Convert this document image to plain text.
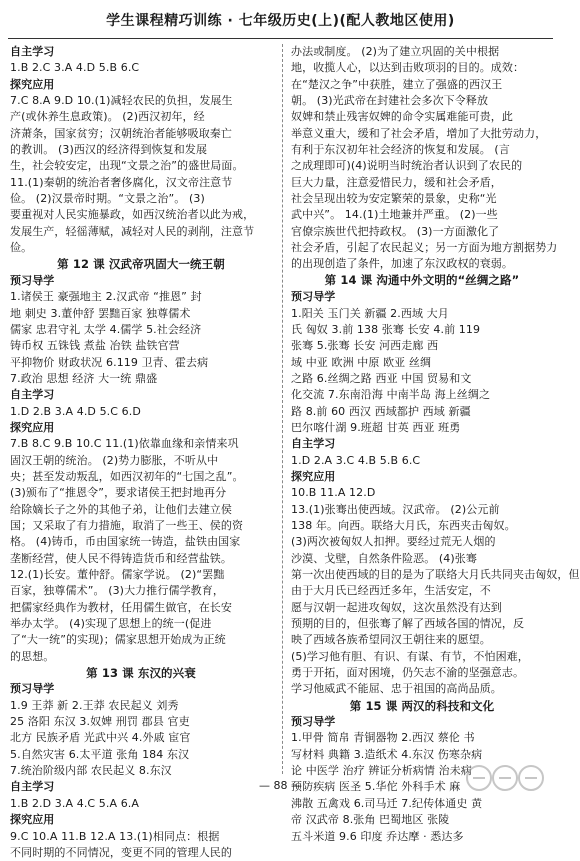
学生课程精巧训练 · 七年级历史(上)(配人教地区使用)
自主学习
1.B 2.C 3.A 4.D 5.B 6.C
探究应用
7.C 8.A 9.D 10.(1)减轻农民的负担，发展生
产(或休养生息政策)。 (2)西汉初年，经
济萧条，国家贫穷；汉朝统治者能够吸取秦亡
的教训。 (3)西汉的经济得到恢复和发展
生，社会较安定，出现“文景之治”的盛世局面。
11.(1)秦朝的统治者奢侈腐化，汉文帝注意节
俭。 (2)汉景帝时期。“文景之治”。 (3)
要重视对人民实施暴政，如西汉统治者以此为戒，
发展生产，轻徭薄赋，减轻对人民的剥削，注意节
俭。
第 12 课 汉武帝巩固大一统王朝
预习导学
1.诸侯王 豪强地主 2.汉武帝 “推恩” 封
地 刺史 3.董仲舒 罢黜百家 独尊儒术
儒家 忠君守礼 太学 4.儒学 5.社会经济
铸币权 五铢钱 煮盐 冶铁 盐铁官营
平抑物价 财政状况 6.119 卫青、霍去病
7.政治 思想 经济 大一统 鼎盛
自主学习
1.D 2.B 3.A 4.D 5.C 6.D
探究应用
7.B 8.C 9.B 10.C 11.(1)依靠血缘和亲情来巩
固汉王朝的统治。 (2)势力膨胀，不听从中
央；甚至发动叛乱，如西汉初年的“七国之乱”。
(3)颁布了“推恩令”，要求诸侯王把封地再分
给除嫡长子之外的其他子弟，让他们去建立侯
国；又采取了有力措施，取消了一些王、侯的资
格。 (4)铸币，币由国家统一铸造，盐铁由国家
垄断经营，使人民不得铸造货币和经营盐铁。
12.(1)长安。董仲舒。儒家学说。 (2)“罢黜
百家，独尊儒术”。 (3)大力推行儒学教育，
把儒家经典作为教材，任用儒生做官，在长安
举办太学。 (4)实现了思想上的统一(促进
了“大一统”的实现)；儒家思想开始成为正统
的思想。
第 13 课 东汉的兴衰
预习导学
1.9 王莽 新 2.王莽 农民起义 刘秀
25 洛阳 东汉 3.奴婢 刑罚 郡县 官吏
北方 民族矛盾 光武中兴 4.外戚 宦官
5.自然灾害 6.太平道 张角 184 东汉
7.统治阶级内部 农民起义 8.东汉
自主学习
1.B 2.D 3.A 4.C 5.A 6.A
探究应用
9.C 10.A 11.B 12.A 13.(1)相同点：根据
不同时期的不同情况，变更不同的管理人民的
办法或制度。 (2)为了建立巩固的关中根据
地，收揽人心，以达到击败项羽的目的。成效：
在“楚汉之争”中获胜，建立了强盛的西汉王
朝。 (3)光武帝在封建社会多次下令释放
奴婢和禁止残害奴婢的命令实属难能可贵，此
举意义重大，缓和了社会矛盾，增加了大批劳动力，
有利于东汉初年社会经济的恢复和发展。 (言
之成理即可)(4)说明当时统治者认识到了农民的
巨大力量，注意爱惜民力，缓和社会矛盾，
社会呈现出较为安定繁荣的景象，史称“光
武中兴”。 14.(1)土地兼并严重。 (2)一些
官僚宗族世代把持政权。 (3)一方面激化了
社会矛盾，引起了农民起义；另一方面为地方割据势力
的出现创造了条件，加速了东汉政权的衰弱。
第 14 课 沟通中外文明的“丝绸之路”
预习导学
1.阳关 玉门关 新疆 2.西域 大月
氏 匈奴 3.前 138 张骞 长安 4.前 119
张骞 5.张骞 长安 河西走廊 西
域 中亚 欧洲 中原 欧亚 丝绸
之路 6.丝绸之路 西亚 中国 贸易和文
化交流 7.东南沿海 中南半岛 海上丝绸之
路 8.前 60 西汉 西域都护 西域 新疆
巴尔喀什湖 9.班超 甘英 西亚 班勇
自主学习
1.D 2.A 3.C 4.B 5.B 6.C
探究应用
10.B 11.A 12.D
13.(1)张骞出使西域。汉武帝。 (2)公元前
138 年。向西。联络大月氏，东西夹击匈奴。
(3)两次被匈奴人扣押。要经过荒无人烟的
沙漠、戈壁，自然条件险恶。 (4)张骞
第一次出使西域的目的是为了联络大月氏共同夹击匈奴，但
由于大月氏已经西迁多年，生活安定，不
愿与汉朝一起进攻匈奴，这次虽然没有达到
预期的目的，但张骞了解了西域各国的情况，反
映了西域各族希望同汉王朝往来的愿望。
(5)学习他有胆、有识、有谋、有节，不怕困难，
勇于开拓，面对困境，仍矢志不渝的坚强意志。
学习他威武不能屈、忠于祖国的高尚品质。
第 15 课 两汉的科技和文化
预习导学
1.甲骨 简帛 青铜器物 2.西汉 蔡伦 书
写材料 典籍 3.造纸术 4.东汉 伤寒杂病
论 中医学 治疗 辨证分析病情 治未病
预防疾病 医圣 5.华佗 外科手术 麻
沸散 五禽戏 6.司马迁 7.纪传体通史 黄
帝 汉武帝 8.张角 巴蜀地区 张陵
五斗米道 9.6 印度 乔达摩 · 悉达多
— 88 —
